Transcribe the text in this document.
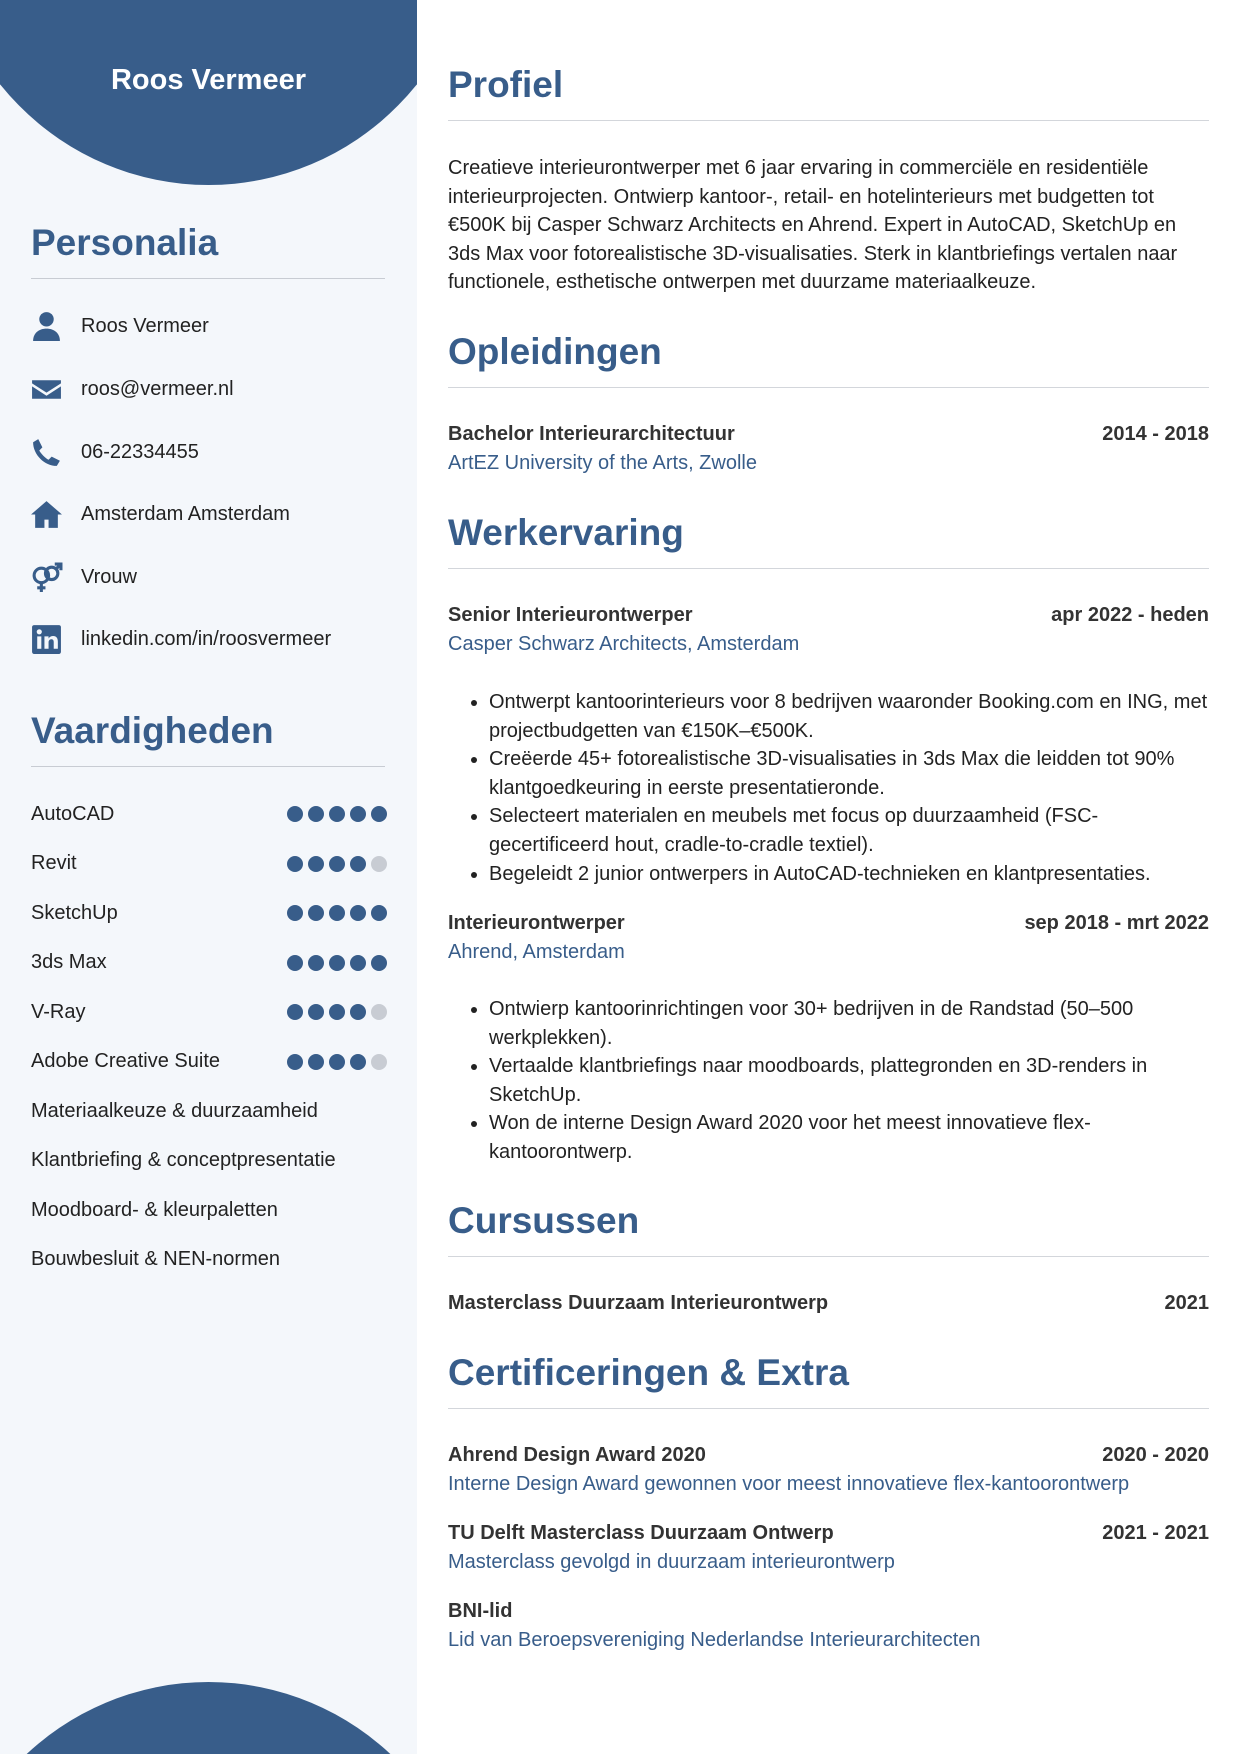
Roos Vermeer
Personalia
Roos Vermeer
roos@vermeer.nl
06-22334455
Amsterdam Amsterdam
Vrouw
linkedin.com/in/roosvermeer
Vaardigheden
AutoCAD
Revit
SketchUp
3ds Max
V-Ray
Adobe Creative Suite
Materiaalkeuze & duurzaamheid
Klantbriefing & conceptpresentatie
Moodboard- & kleurpaletten
Bouwbesluit & NEN-normen
Profiel

Creatieve interieurontwerper met 6 jaar ervaring in commerciële en residentiële interieurprojecten. Ontwierp kantoor-, retail- en hotelinterieurs met budgetten tot €500K bij Casper Schwarz Architects en Ahrend. Expert in AutoCAD, SketchUp en 3ds Max voor fotorealistische 3D-visualisaties. Sterk in klantbriefings vertalen naar functionele, esthetische ontwerpen met duurzame materiaalkeuze.

Opleidingen
Bachelor Interieurarchitectuur	2014 - 2018
ArtEZ University of the Arts, Zwolle
Werkervaring
Senior Interieurontwerper	apr 2022 - heden
Casper Schwarz Architects, Amsterdam
• Ontwerpt kantoorinterieurs voor 8 bedrijven waaronder Booking.com en ING, met projectbudgetten van €150K–€500K.
• Creëerde 45+ fotorealistische 3D-visualisaties in 3ds Max die leidden tot 90% klantgoedkeuring in eerste presentatieronde.
• Selecteert materialen en meubels met focus op duurzaamheid (FSC-gecertificeerd hout, cradle-to-cradle textiel).
• Begeleidt 2 junior ontwerpers in AutoCAD-technieken en klantpresentaties.
Interieurontwerper	sep 2018 - mrt 2022
Ahrend, Amsterdam
• Ontwierp kantoorinrichtingen voor 30+ bedrijven in de Randstad (50–500 werkplekken).
• Vertaalde klantbriefings naar moodboards, plattegronden en 3D-renders in SketchUp.
• Won de interne Design Award 2020 voor het meest innovatieve flex-kantoorontwerp.
Cursussen
Masterclass Duurzaam Interieurontwerp	2021
Certificeringen & Extra
Ahrend Design Award 2020	2020 - 2020
Interne Design Award gewonnen voor meest innovatieve flex-kantoorontwerp
TU Delft Masterclass Duurzaam Ontwerp	2021 - 2021
Masterclass gevolgd in duurzaam interieurontwerp
BNI-lid
Lid van Beroepsvereniging Nederlandse Interieurarchitecten
